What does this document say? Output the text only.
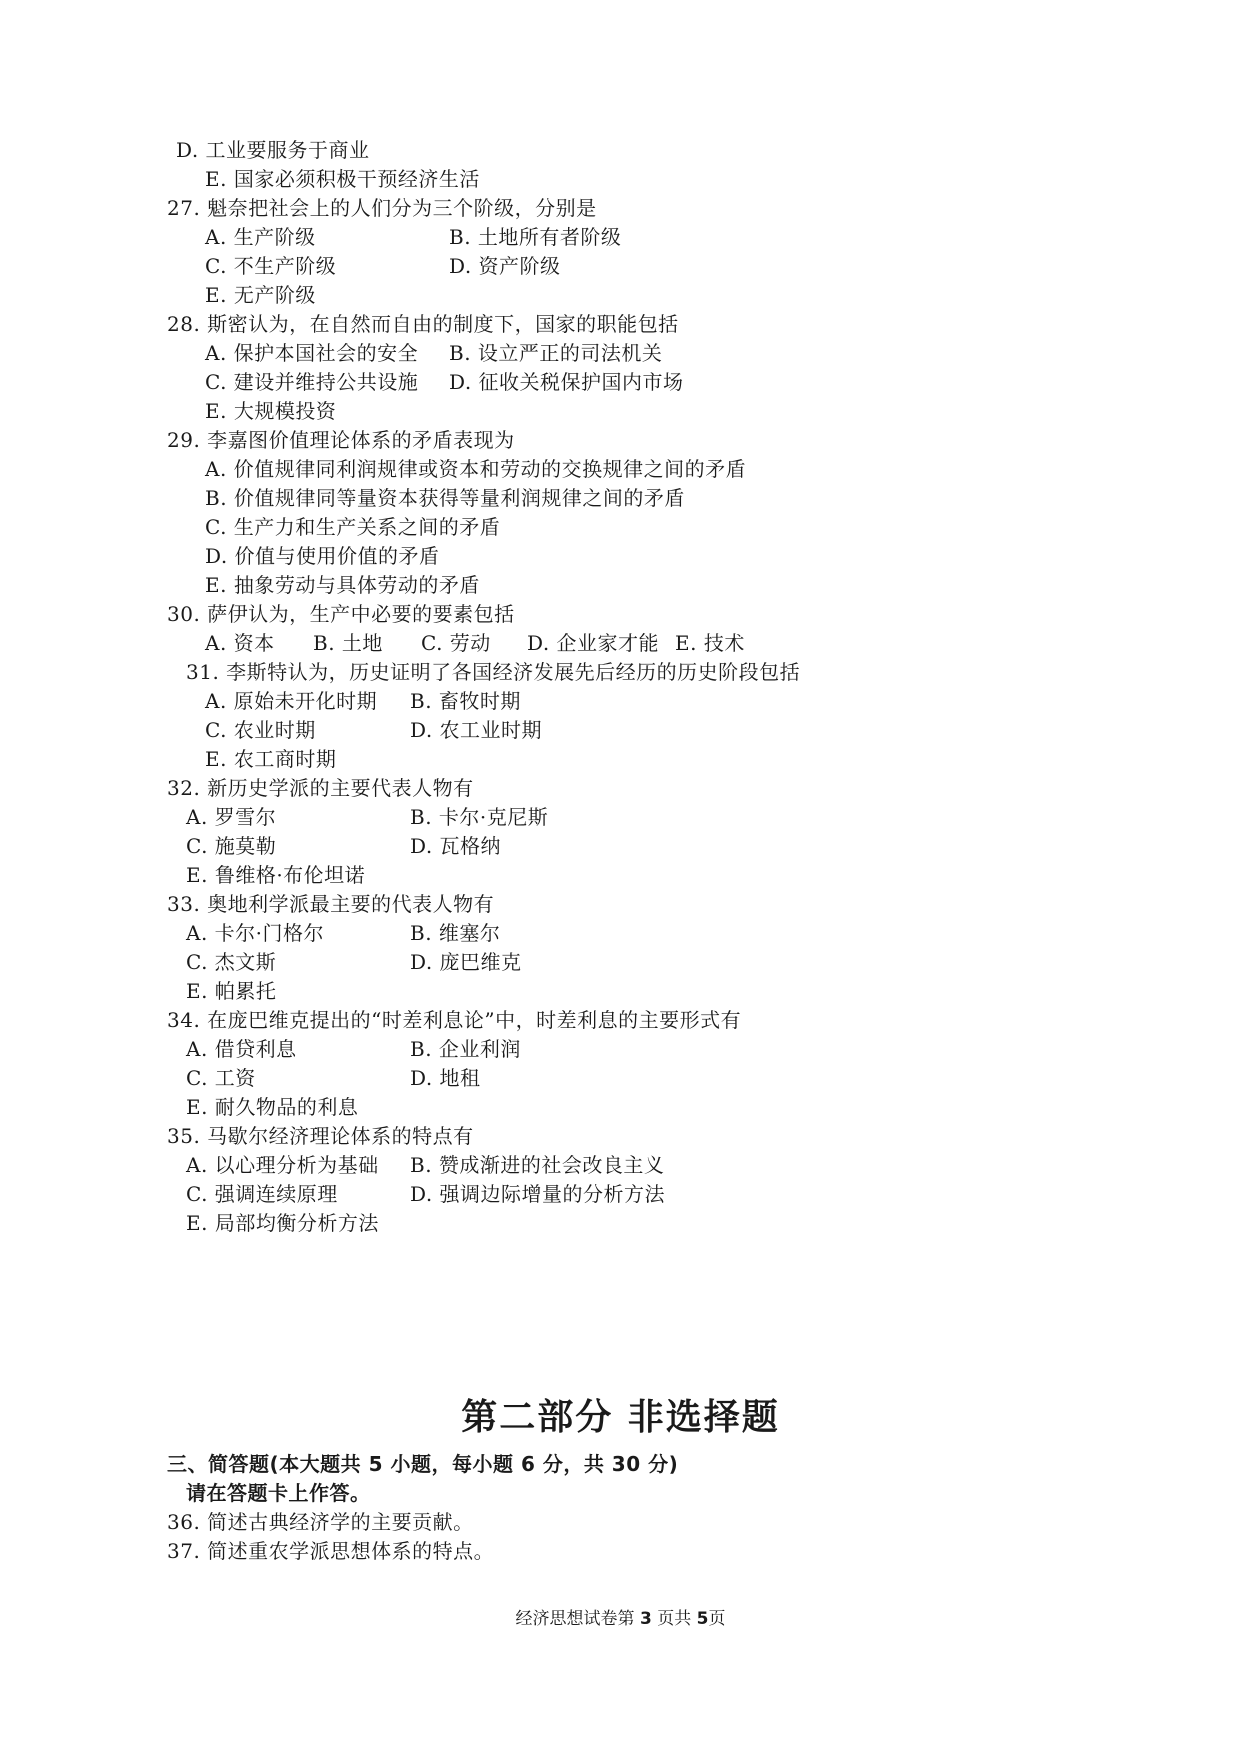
D. 工业要服务于商业
E. 国家必须积极干预经济生活
27. 魁奈把社会上的人们分为三个阶级，分别是
A. 生产阶级	B. 土地所有者阶级
C. 不生产阶级	D. 资产阶级
E. 无产阶级
28. 斯密认为，在自然而自由的制度下，国家的职能包括
A. 保护本国社会的安全 B. 设立严正的司法机关
C. 建设并维持公共设施 D. 征收关税保护国内市场
E. 大规模投资
29. 李嘉图价值理论体系的矛盾表现为
A. 价值规律同利润规律或资本和劳动的交换规律之间的矛盾
B. 价值规律同等量资本获得等量利润规律之间的矛盾
C. 生产力和生产关系之间的矛盾
D. 价值与使用价值的矛盾
E. 抽象劳动与具体劳动的矛盾
30. 萨伊认为，生产中必要的要素包括
A. 资本 B. 土地 C. 劳动 D. 企业家才能 E. 技术
31. 李斯特认为，历史证明了各国经济发展先后经历的历史阶段包括
A. 原始未开化时期 B. 畜牧时期
C. 农业时期	D. 农工业时期
E. 农工商时期
32. 新历史学派的主要代表人物有
A. 罗雪尔	B. 卡尔·克尼斯
C. 施莫勒	D. 瓦格纳
E. 鲁维格·布伦坦诺
33. 奥地利学派最主要的代表人物有
A. 卡尔·门格尔	B. 维塞尔
C. 杰文斯	D. 庞巴维克
E. 帕累托
34. 在庞巴维克提出的“时差利息论”中，时差利息的主要形式有
A. 借贷利息	B. 企业利润
C. 工资	D. 地租
E. 耐久物品的利息
35. 马歇尔经济理论体系的特点有
A. 以心理分析为基础 B. 赞成渐进的社会改良主义
C. 强调连续原理	D. 强调边际增量的分析方法
E. 局部均衡分析方法
第二部分 非选择题
三、简答题(本大题共 5 小题，每小题 6 分，共 30 分)
请在答题卡上作答。
36. 简述古典经济学的主要贡献。
37. 简述重农学派思想体系的特点。
经济思想试卷第 3 页共 5页
